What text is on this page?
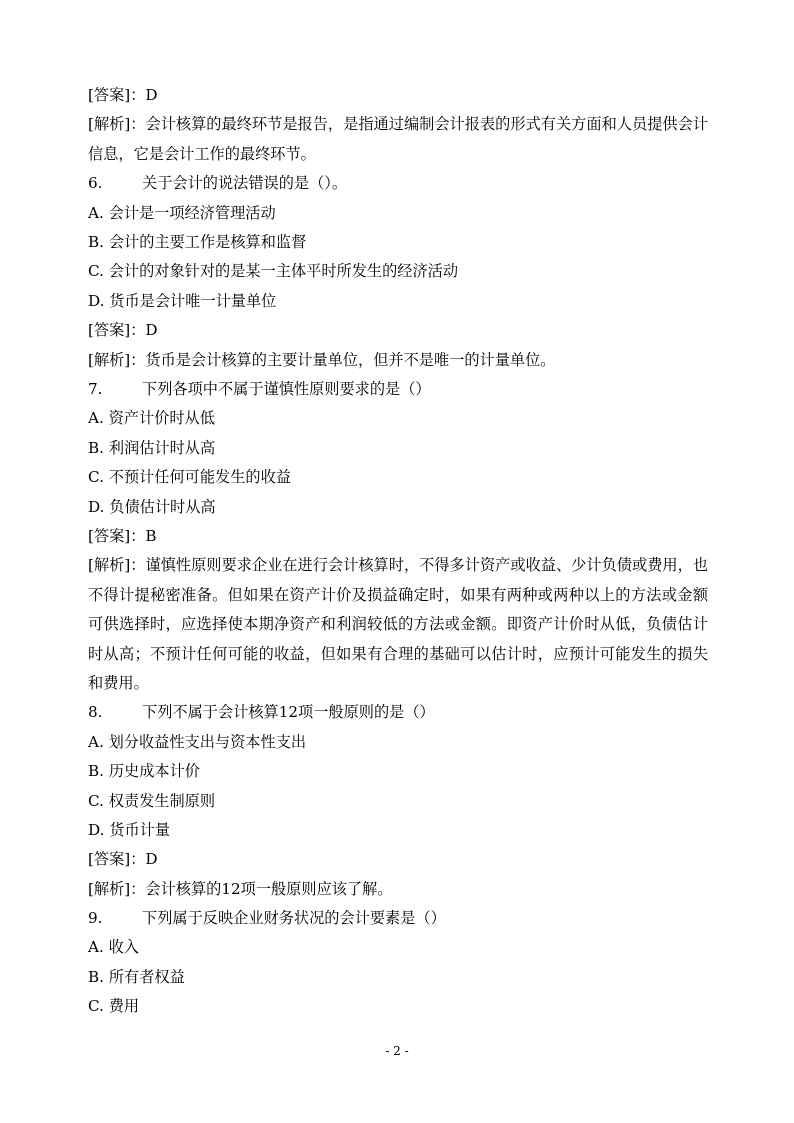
[答案]：D
[解析]：会计核算的最终环节是报告，是指通过编制会计报表的形式有关方面和人员提供会计信息，它是会计工作的最终环节。
6.	关于会计的说法错误的是（）。
A. 会计是一项经济管理活动
B. 会计的主要工作是核算和监督
C. 会计的对象针对的是某一主体平时所发生的经济活动
D. 货币是会计唯一计量单位
[答案]：D
[解析]：货币是会计核算的主要计量单位，但并不是唯一的计量单位。
7.	下列各项中不属于谨慎性原则要求的是（）
A. 资产计价时从低
B. 利润估计时从高
C. 不预计任何可能发生的收益
D. 负债估计时从高
[答案]：B
[解析]：谨慎性原则要求企业在进行会计核算时，不得多计资产或收益、少计负债或费用，也不得计提秘密准备。但如果在资产计价及损益确定时，如果有两种或两种以上的方法或金额可供选择时，应选择使本期净资产和利润较低的方法或金额。即资产计价时从低，负债估计时从高；不预计任何可能的收益，但如果有合理的基础可以估计时，应预计可能发生的损失和费用。
8.	下列不属于会计核算12项一般原则的是（）
A. 划分收益性支出与资本性支出
B. 历史成本计价
C. 权责发生制原则
D. 货币计量
[答案]：D
[解析]：会计核算的12项一般原则应该了解。
9.	下列属于反映企业财务状况的会计要素是（）
A. 收入
B. 所有者权益
C. 费用
- 2 -
